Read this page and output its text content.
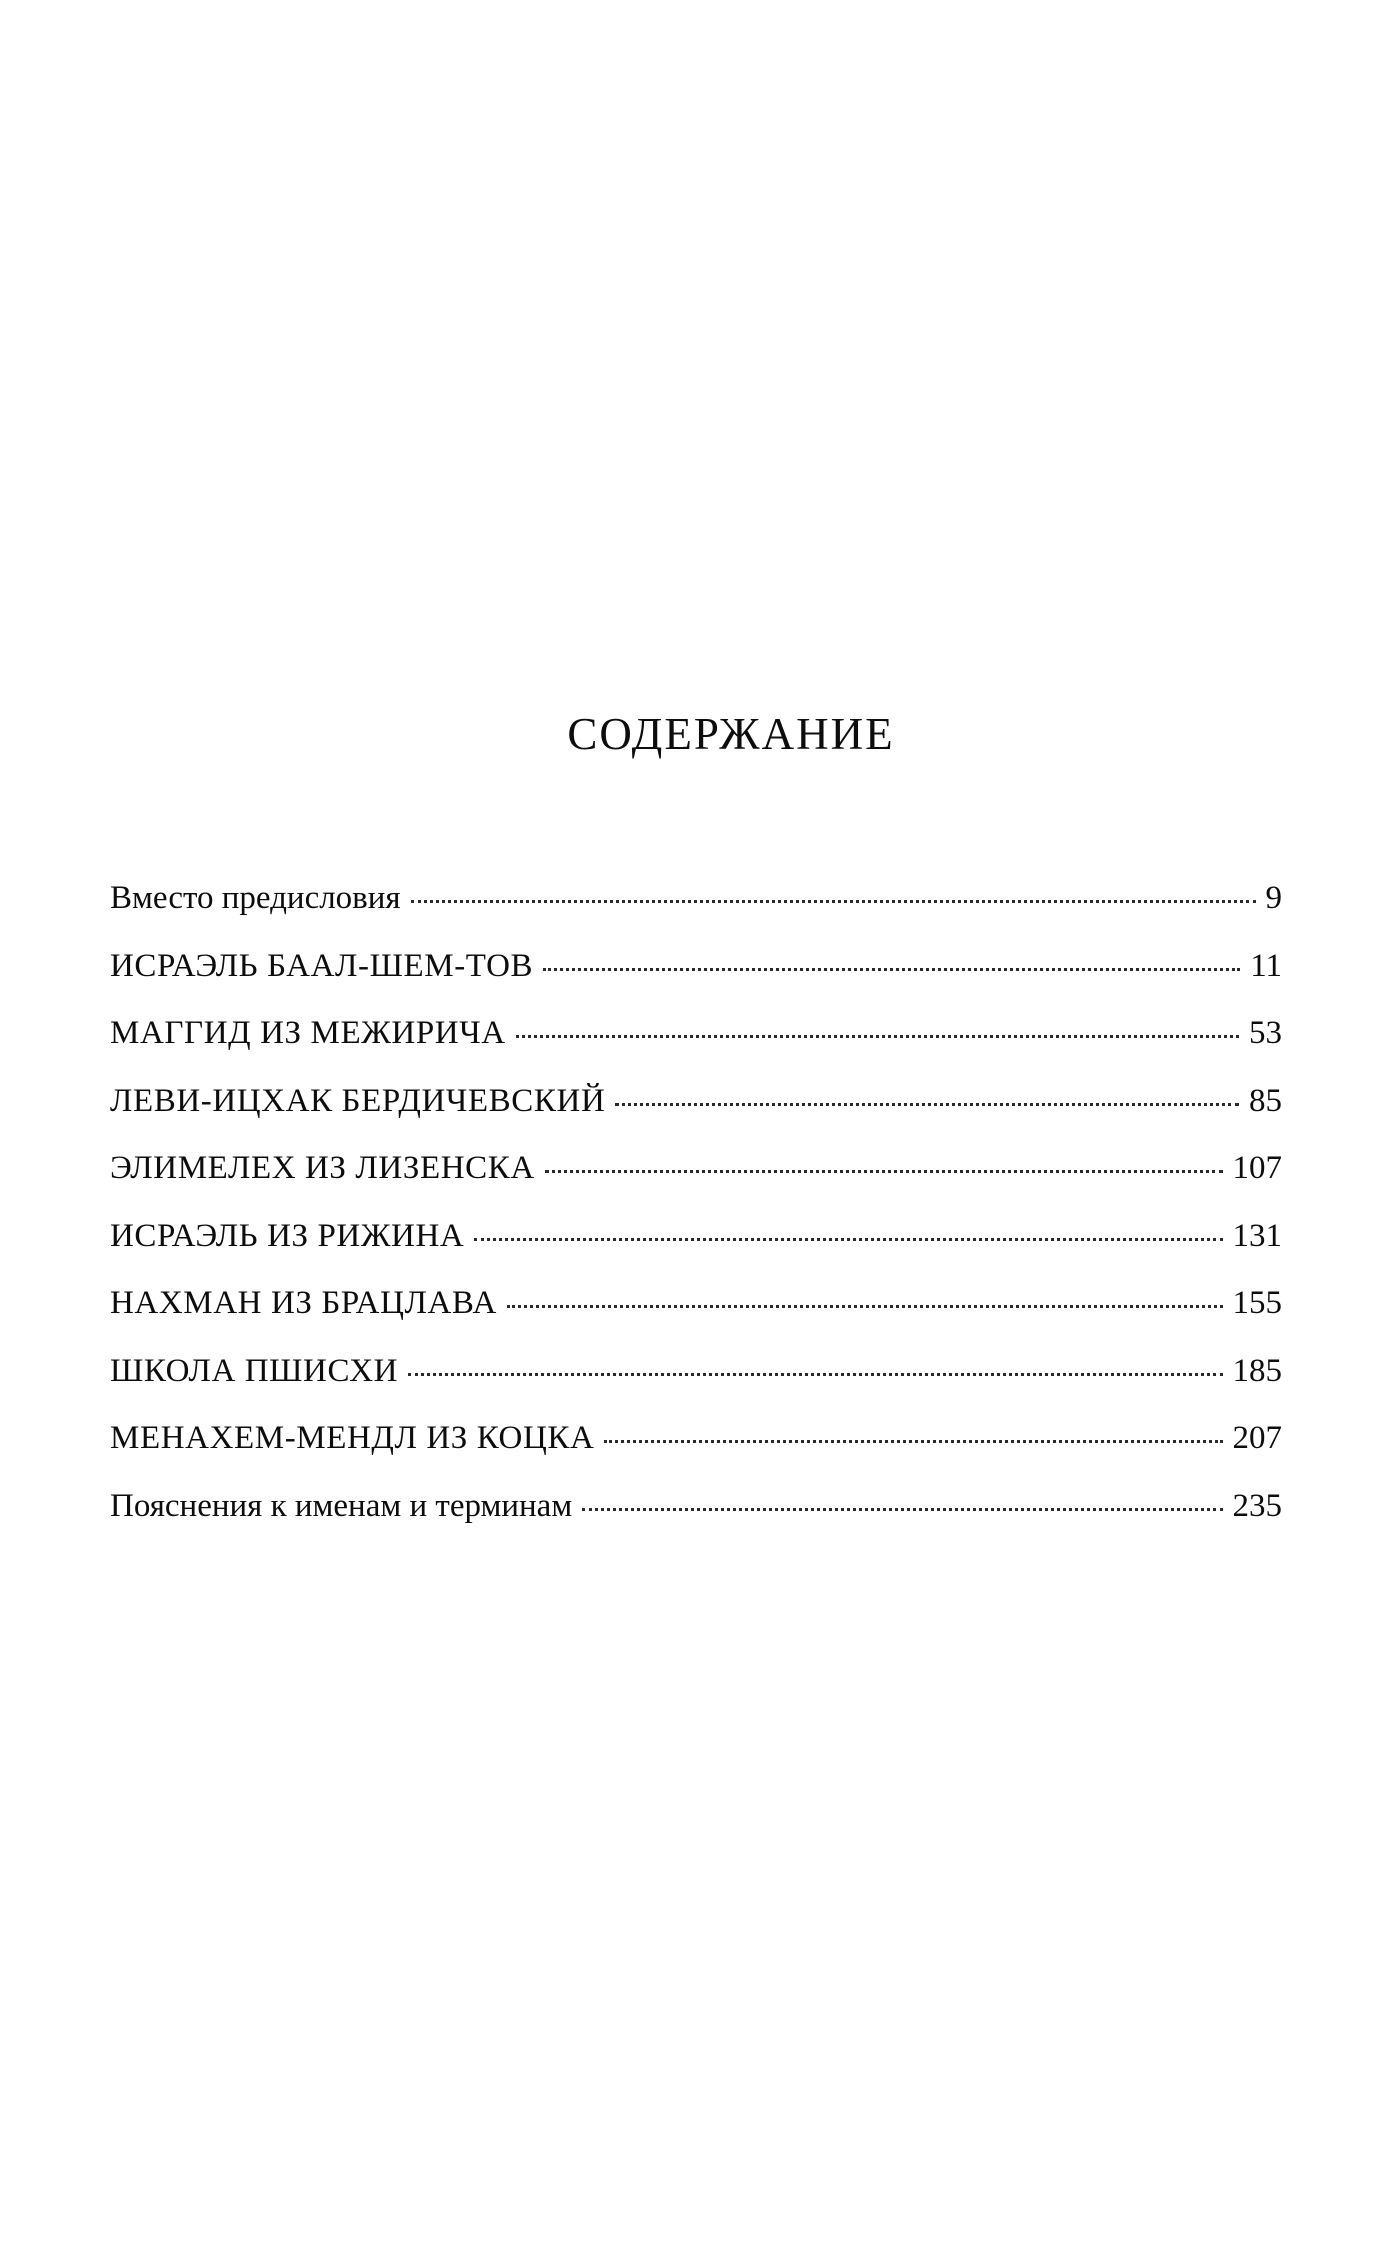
СОДЕРЖАНИЕ
Вместо предисловия	9
ИСРАЭЛЬ БААЛ-ШЕМ-ТОВ	11
МАГГИД ИЗ МЕЖИРИЧА	53
ЛЕВИ-ИЦХАК БЕРДИЧЕВСКИЙ	85
ЭЛИМЕЛЕХ ИЗ ЛИЗЕНСКА	107
ИСРАЭЛЬ ИЗ РИЖИНА	131
НАХМАН ИЗ БРАЦЛАВА	155
ШКОЛА ПШИСХИ	185
МЕНАХЕМ-МЕНДЛ ИЗ КОЦКА	207
Пояснения к именам и терминам	235
